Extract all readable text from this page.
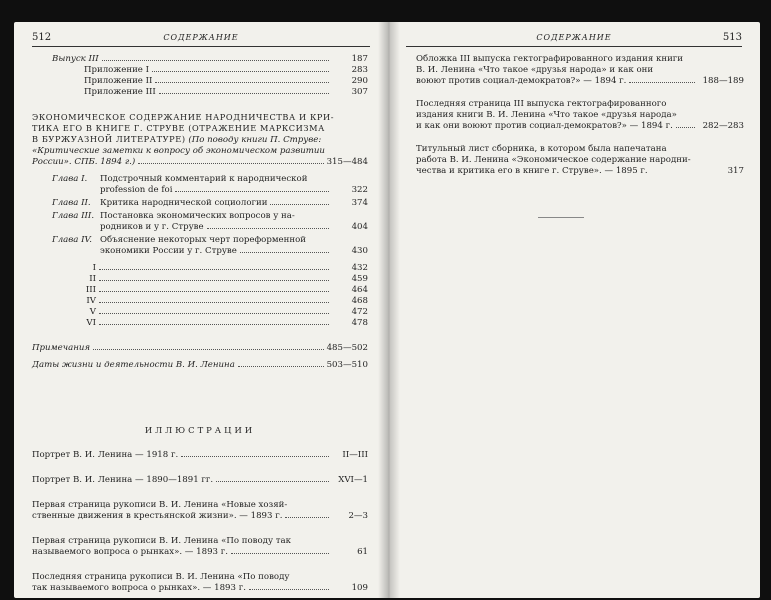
512	СОДЕРЖАНИЕ
Выпуск III	187
Приложение I	283
Приложение II	290
Приложение III	307
ЭКОНОМИЧЕСКОЕ СОДЕРЖАНИЕ НАРОДНИЧЕСТВА И КРИ-
ТИКА ЕГО В КНИГЕ Г. СТРУВЕ (ОТРАЖЕНИЕ МАРКСИЗМА
В БУРЖУАЗНОЙ ЛИТЕРАТУРЕ) (По поводу книги П. Струве:
«Критические заметки к вопросу об экономическом развитии
России». СПБ. 1894 г.)	315—484
Глава I.	Подстрочный комментарий к народнической
profession de foi	322
Глава II.	Критика народнической социологии	374
Глава III. Постановка экономических вопросов у на-
родников и у г. Струве	404
Глава IV. Объяснение некоторых черт пореформенной
экономики России у г. Струве	430
I	432
II	459
III	464
IV	468
V	472
VI	478
Примечания	485—502
Даты жизни и деятельности В. И. Ленина	503—510
ИЛЛЮСТРАЦИИ
Портрет В. И. Ленина — 1918 г.	II—III
Портрет В. И. Ленина — 1890—1891 гг.	XVI—1
Первая страница рукописи В. И. Ленина «Новые хозяй-
ственные движения в крестьянской жизни». — 1893 г.	2—3
Первая страница рукописи В. И. Ленина «По поводу так
называемого вопроса о рынках». — 1893 г.	61
Последняя страница рукописи В. И. Ленина «По поводу
так называемого вопроса о рынках». — 1893 г.	109
СОДЕРЖАНИЕ	513
Обложка III выпуска гектографированного издания книги
В. И. Ленина «Что такое «друзья народа» и как они
воюют против социал-демократов?» — 1894 г.	188—189
Последняя страница III выпуска гектографированного
издания книги В. И. Ленина «Что такое «друзья народа»
и как они воюют против социал-демократов?» — 1894 г.	282—283
Титульный лист сборника, в котором была напечатана
работа В. И. Ленина «Экономическое содержание народни-
чества и критика его в книге г. Струве». — 1895 г.	317
